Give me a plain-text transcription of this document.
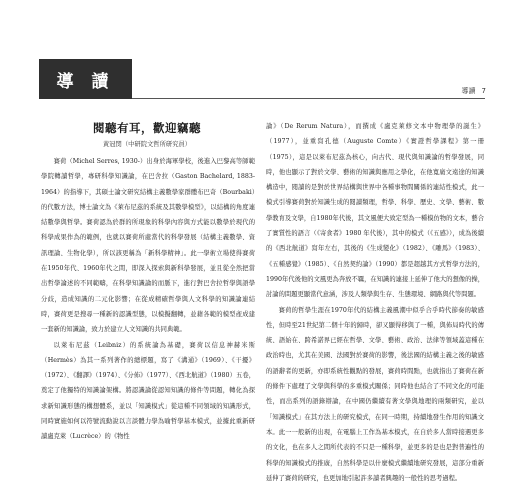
導 讀	導讀 7
閱聽有耳，歡迎竊聽
黃冠閔（中研院文哲所研究員）

賽荷（Michel Serres, 1930-）出身於海軍學校，後進入巴黎高等師範學院轉讀哲學，專研科學知識論，在巴舍拉（Gaston Bachelard, 1883-1964）的指導下，其碩士論文研究結構主義數學家群體布巴奇（Bourbaki）的代數方法，博士論文為《萊布尼茲的系統及其數學模型》，以結構的角度連結數學與哲學。賽荷認為於群的所現象的科學內容與方式能以數學於現代的科學成果作為的範例，也就以賽荷所處當代的科學發展（結構主義數學、資訊理論、生物化學），所以該更稱為「新科學精神」。此一學術立場使得賽荷在1950年代、1960年代之間，即深入探索與新科學發展，並且從全然把當出哲學論述的不同範疇，在科學知識論的而脈下，進行對巴舍拉哲學與語學分歧，造成知識的二元化影響；在從成精確哲學與人文科學的知識論連結時，賽荷更是搜尋一種新的認識型態，以模擬翻轉，並藉各範的模型產成建一套新的知識論，致力於建立人文知識的共同典範。

以萊布尼茲（Leibniz）的系統論為基礎，賽荷以信息神赫米斯（Hermès）為其一系列著作的總標題，寫了《溝通》（1969）、《干擾》（1972）、《翻譯》（1974）、《分佈》（1977）、《西北航道》（1980）五卷，奠定了他獨特的知識論架構。將認識論從認知知識的條件等問題，轉化為探求新知識形態的構想體系，並以「知識模式」從這種不同領域的知識形式，同時實施如何以符號流動說以言談體力學為喻哲學基本模式，並據此重新研讀盧克萊（Lucrèce）的《物性

論》（De Rerum Natura），而撰成《盧克萊修文本中物理學的誕生》（1977），並重寫孔德（Auguste Comte）《實證哲學課程》第一冊（1975），這是以萊布尼茲為核心，向古代、現代與知識論的哲學發展，同時，他也顯示了對於文學、藝術的知識與應用之學化，在他寬廣文遠途的知識構造中，閱讀的是對於世界結構與世界中各種事物間關係的連結性模式，此一模式引導賽荷對於知識生成的閱讀類理，哲學、科學、歷史、文學、藝術、數學教育及文學，自1980年代後，其文風便大致定型為一種模仿物的文本，藝合了實質性的語言（《寄食者》1980 年代後），其中的模式（《五感》），成為後續的《西北航道》寫年左右，其後的《生成變化》（1982）、《雕馬》（1983）、《五種感覺》（1985）、《自然契約論》（1990）都是超越其方式哲學方法的，1990年代後他的文風更為奔放不羈，在知識的連接上延伸了他大的想像的操，討論的問題更顯當代意涵，涉及人類學與生存、生態環境、網路與代等問題。

賽荷的哲學生涯在1970年代的結構主義風潮中似乎合乎時代節奏的敏感性，但時至21世紀第二個十年的歸時，卻又顯得移與了一種，與佈局時代的傳統、語始在、跨希諾界已經在哲學、文學、藝術、政治、法律等領域蓋這種在政治時也，尤其在美國、法國對於賽荷的影響，後法國的結構主義之後的敏感的語辭者的更新，亦即系統性觀點的發展，賽荷時間點，也就指出了賽荷在新的條件下處理了文學與科學的多重模式關係；同時他也結合了不同文化的可能性，而出系列的語錄辯論，在中國仍繼續有著文學與地理的兩類研究，並以「知識模式」在其方法上的研究模式，在同一時期，持續地發生作用的知識文本。此一一般新的出現，在電腦上工作為基本模式，在自於多人當時接遇更多的文化，也在多人之間所代表的不只是一種科學，並更多的是也是對普遍性的科學的知識模式的推廣，自然科學是以什麼模式繼續地研究發展，這部分重新延伸了賽荷的研究，也更加地引起許多讀者興趣的一般性的思考過程。
